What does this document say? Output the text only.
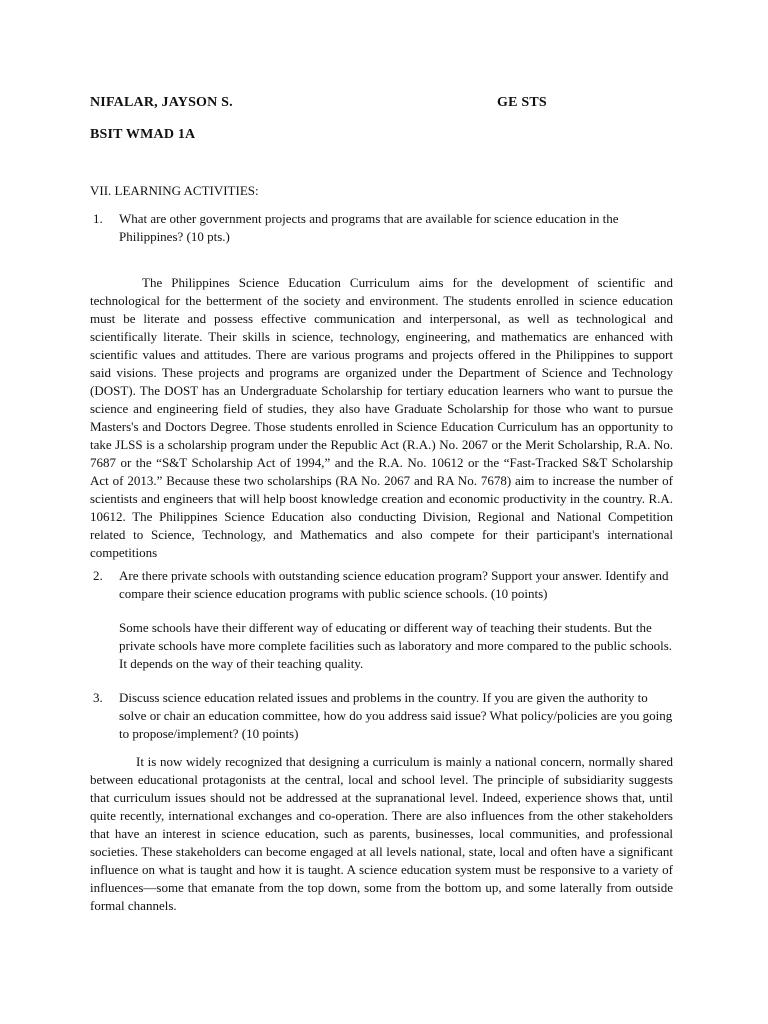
NIFALAR, JAYSON S.	GE STS
BSIT WMAD 1A
VII. LEARNING ACTIVITIES:
1. What are other government projects and programs that are available for science education in the Philippines? (10 pts.)
The Philippines Science Education Curriculum aims for the development of scientific and technological for the betterment of the society and environment. The students enrolled in science education must be literate and possess effective communication and interpersonal, as well as technological and scientifically literate. Their skills in science, technology, engineering, and mathematics are enhanced with scientific values and attitudes. There are various programs and projects offered in the Philippines to support said visions. These projects and programs are organized under the Department of Science and Technology (DOST). The DOST has an Undergraduate Scholarship for tertiary education learners who want to pursue the science and engineering field of studies, they also have Graduate Scholarship for those who want to pursue Masters's and Doctors Degree. Those students enrolled in Science Education Curriculum has an opportunity to take JLSS is a scholarship program under the Republic Act (R.A.) No. 2067 or the Merit Scholarship, R.A. No. 7687 or the “S&T Scholarship Act of 1994,” and the R.A. No. 10612 or the “Fast-Tracked S&T Scholarship Act of 2013.” Because these two scholarships (RA No. 2067 and RA No. 7678) aim to increase the number of scientists and engineers that will help boost knowledge creation and economic productivity in the country. R.A. 10612. The Philippines Science Education also conducting Division, Regional and National Competition related to Science, Technology, and Mathematics and also compete for their participant's international competitions
2. Are there private schools with outstanding science education program? Support your answer. Identify and compare their science education programs with public science schools. (10 points)
Some schools have their different way of educating or different way of teaching their students. But the private schools have more complete facilities such as laboratory and more compared to the public schools. It depends on the way of their teaching quality.
3. Discuss science education related issues and problems in the country. If you are given the authority to solve or chair an education committee, how do you address said issue? What policy/policies are you going to propose/implement? (10 points)
It is now widely recognized that designing a curriculum is mainly a national concern, normally shared between educational protagonists at the central, local and school level. The principle of subsidiarity suggests that curriculum issues should not be addressed at the supranational level. Indeed, experience shows that, until quite recently, international exchanges and co-operation. There are also influences from the other stakeholders that have an interest in science education, such as parents, businesses, local communities, and professional societies. These stakeholders can become engaged at all levels national, state, local and often have a significant influence on what is taught and how it is taught. A science education system must be responsive to a variety of influences—some that emanate from the top down, some from the bottom up, and some laterally from outside formal channels.
